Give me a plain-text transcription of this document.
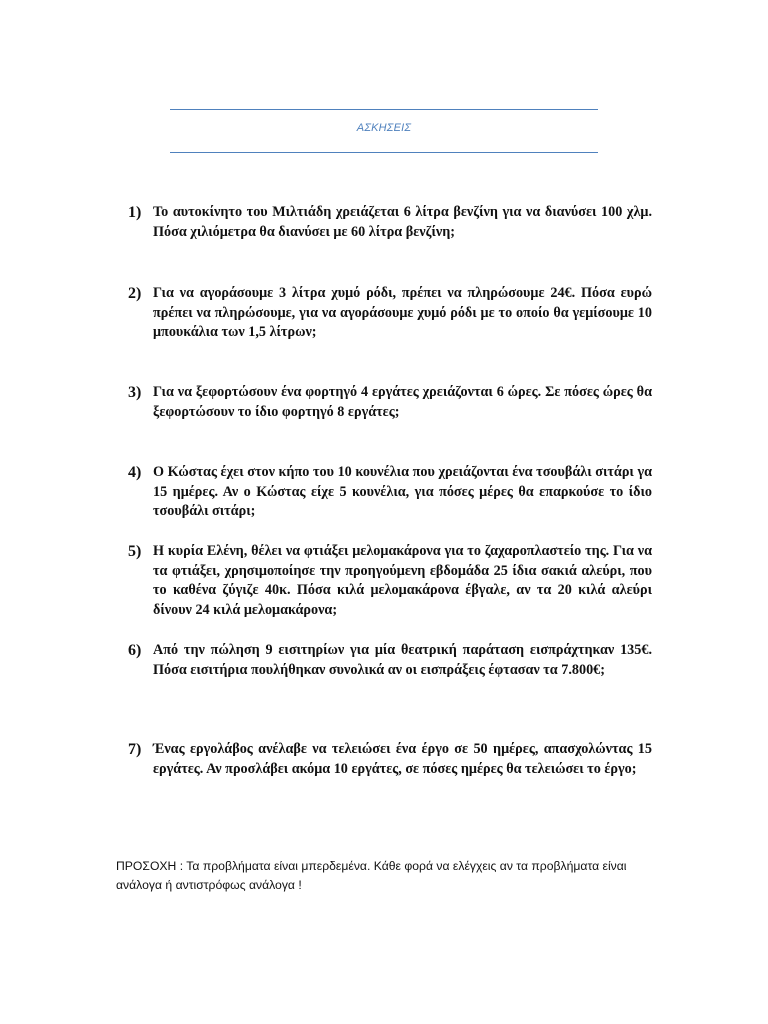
ΑΣΚΗΣΕΙΣ
1) Το αυτοκίνητο του Μιλτιάδη χρειάζεται 6 λίτρα βενζίνη για να διανύσει 100 χλμ. Πόσα χιλιόμετρα θα διανύσει με 60 λίτρα βενζίνη;
2) Για να αγοράσουμε 3 λίτρα χυμό ρόδι, πρέπει να πληρώσουμε 24€. Πόσα ευρώ πρέπει να πληρώσουμε, για να αγοράσουμε χυμό ρόδι με το οποίο θα γεμίσουμε 10 μπουκάλια των 1,5 λίτρων;
3) Για να ξεφορτώσουν ένα φορτηγό 4 εργάτες χρειάζονται 6 ώρες. Σε πόσες ώρες θα ξεφορτώσουν το ίδιο φορτηγό 8 εργάτες;
4) Ο Κώστας έχει στον κήπο του 10 κουνέλια που χρειάζονται ένα τσουβάλι σιτάρι γα 15 ημέρες. Αν ο Κώστας είχε 5 κουνέλια, για πόσες μέρες θα επαρκούσε το ίδιο τσουβάλι σιτάρι;
5) Η κυρία Ελένη, θέλει να φτιάξει μελομακάρονα για το ζαχαροπλαστείο της. Για να τα φτιάξει, χρησιμοποίησε την προηγούμενη εβδομάδα 25 ίδια σακιά αλεύρι, που το καθένα ζύγιζε 40κ. Πόσα κιλά μελομακάρονα έβγαλε, αν τα 20 κιλά αλεύρι δίνουν 24 κιλά μελομακάρονα;
6) Από την πώληση 9 εισιτηρίων για μία θεατρική παράταση εισπράχτηκαν 135€. Πόσα εισιτήρια πουλήθηκαν συνολικά αν οι εισπράξεις έφτασαν τα 7.800€;
7) Ένας εργολάβος ανέλαβε να τελειώσει ένα έργο σε 50 ημέρες, απασχολώντας 15 εργάτες. Αν προσλάβει ακόμα 10 εργάτες, σε πόσες ημέρες θα τελειώσει το έργο;
ΠΡΟΣΟΧΗ : Τα προβλήματα είναι μπερδεμένα. Κάθε φορά να ελέγχεις αν τα προβλήματα είναι ανάλογα ή αντιστρόφως ανάλογα !
